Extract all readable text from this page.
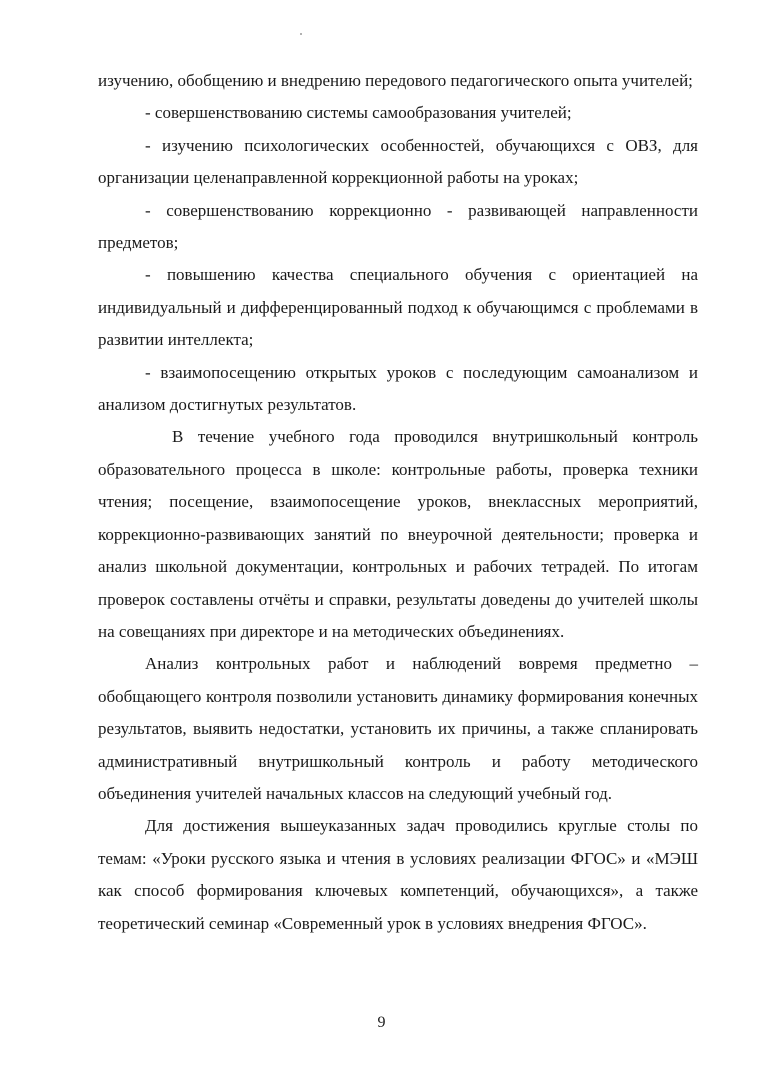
изучению, обобщению и внедрению передового педагогического опыта учителей;

- совершенствованию системы самообразования учителей;

- изучению психологических особенностей, обучающихся с ОВЗ, для организации целенаправленной коррекционной работы на уроках;

- совершенствованию коррекционно - развивающей направленности предметов;

- повышению качества специального обучения с ориентацией на индивидуальный и дифференцированный подход к обучающимся с проблемами в развитии интеллекта;

- взаимопосещению открытых уроков с последующим самоанализом и анализом достигнутых результатов.

В течение учебного года проводился внутришкольный контроль образовательного процесса в школе: контрольные работы, проверка техники чтения; посещение, взаимопосещение уроков, внеклассных мероприятий, коррекционно-развивающих занятий по внеурочной деятельности; проверка и анализ школьной документации, контрольных и рабочих тетрадей. По итогам проверок составлены отчёты и справки, результаты доведены до учителей школы на совещаниях при директоре и на методических объединениях.

Анализ контрольных работ и наблюдений вовремя предметно – обобщающего контроля позволили установить динамику формирования конечных результатов, выявить недостатки, установить их причины, а также спланировать административный внутришкольный контроль и работу методического объединения учителей начальных классов на следующий учебный год.

Для достижения вышеуказанных задач проводились круглые столы по темам: «Уроки русского языка и чтения в условиях реализации ФГОС» и «МЭШ как способ формирования ключевых компетенций, обучающихся», а также теоретический семинар «Современный урок в условиях внедрения ФГОС».

9
